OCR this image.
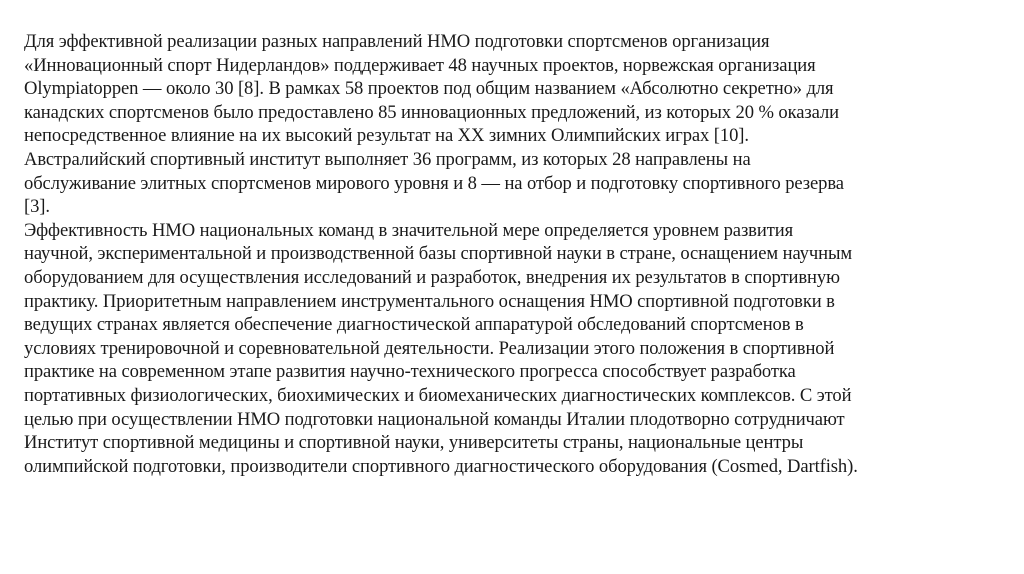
Для эффективной реализации разных направлений НМО подготовки спортсменов организация
«Инновационный спорт Нидерландов» поддерживает 48 научных проектов, норвежская организация
Olympiatoppen — около 30 [8]. В рамках 58 проектов под общим названием «Абсолютно секретно» для
канадских спортсменов было предоставлено 85 инновационных предложений, из которых 20 % оказали
непосредственное влияние на их высокий результат на XX зимних Олимпийских играх [10].
Австралийский спортивный институт выполняет 36 программ, из которых 28 направлены на
обслуживание элитных спортсменов мирового уровня и 8 — на отбор и подготовку спортивного резерва
[3].
Эффективность НМО национальных команд в значительной мере определяется уровнем развития
научной, экспериментальной и производственной базы спортивной науки в стране, оснащением научным
оборудованием для осуществления исследований и разработок, внедрения их результатов в спортивную
практику. Приоритетным направлением инструментального оснащения НМО спортивной подготовки в
ведущих странах является обеспечение диагностической аппаратурой обследований спортсменов в
условиях тренировочной и соревновательной деятельности. Реализации этого положения в спортивной
практике на современном этапе развития научно-технического прогресса способствует разработка
портативных физиологических, биохимических и биомеханических диагностических комплексов. С этой
целью при осуществлении НМО подготовки национальной команды Италии плодотворно сотрудничают
Институт спортивной медицины и спортивной науки, университеты страны, национальные центры
олимпийской подготовки, производители спортивного диагностического оборудования (Cosmed, Dartfish).
